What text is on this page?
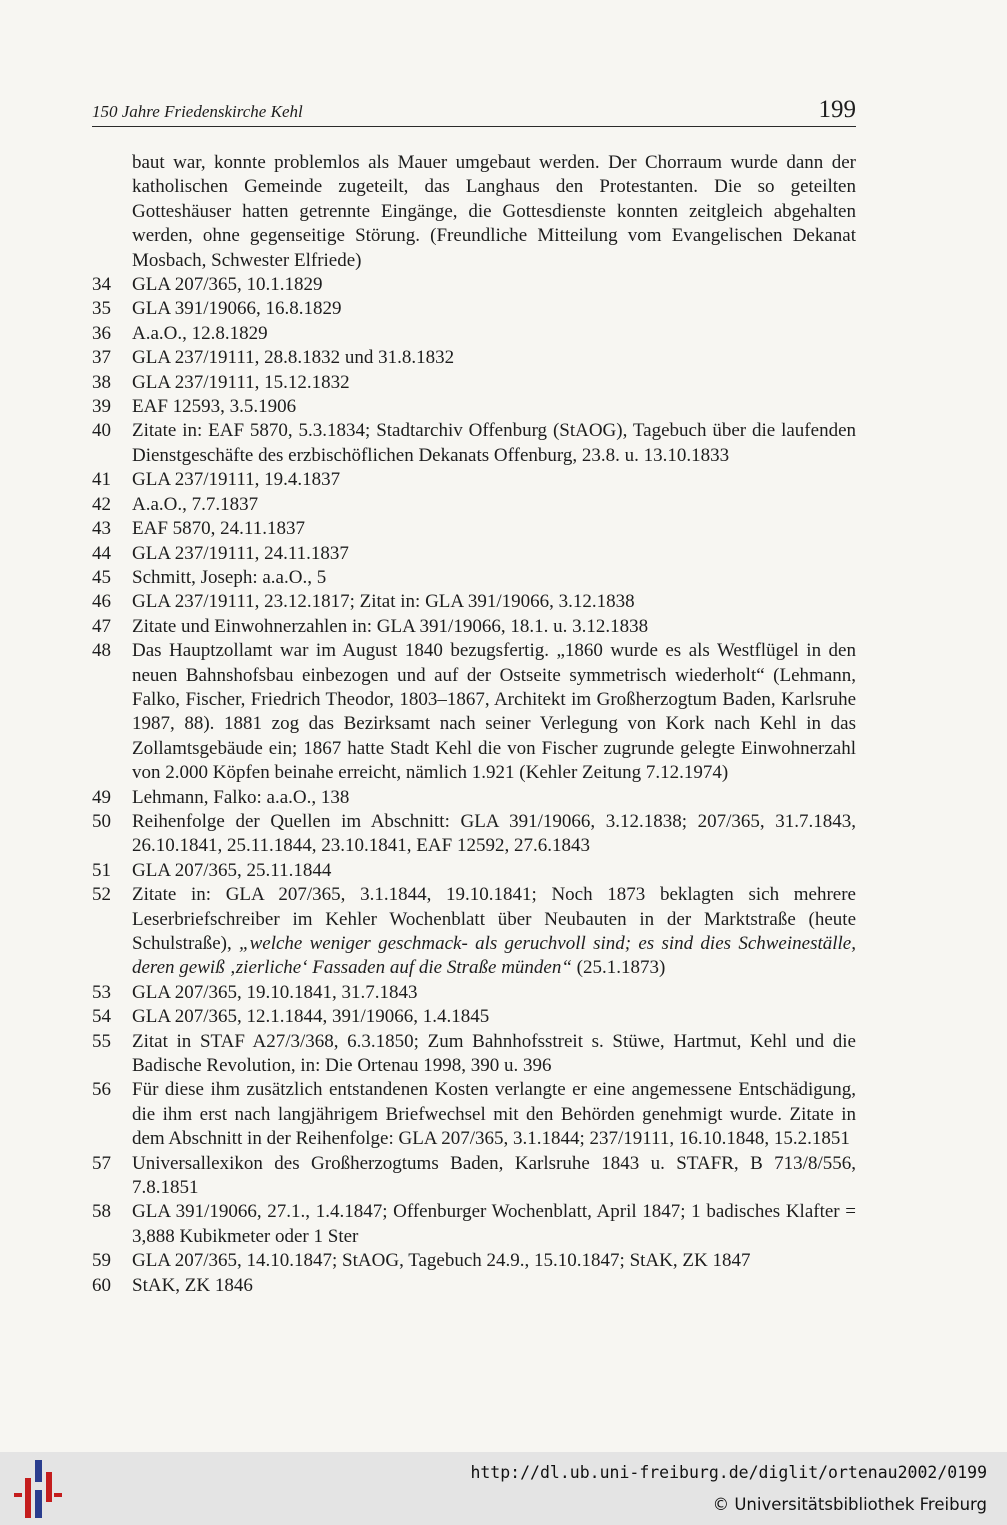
150 Jahre Friedenskirche Kehl	199
baut war, konnte problemlos als Mauer umgebaut werden. Der Chorraum wurde dann der katholischen Gemeinde zugeteilt, das Langhaus den Protestanten. Die so geteilten Gotteshäuser hatten getrennte Eingänge, die Gottesdienste konnten zeitgleich abgehalten werden, ohne gegenseitige Störung. (Freundliche Mitteilung vom Evangelischen Dekanat Mosbach, Schwester Elfriede)
34	GLA 207/365, 10.1.1829
35	GLA 391/19066, 16.8.1829
36	A.a.O., 12.8.1829
37	GLA 237/19111, 28.8.1832 und 31.8.1832
38	GLA 237/19111, 15.12.1832
39	EAF 12593, 3.5.1906
40	Zitate in: EAF 5870, 5.3.1834; Stadtarchiv Offenburg (StAOG), Tagebuch über die laufenden Dienstgeschäfte des erzbischöflichen Dekanats Offenburg, 23.8. u. 13.10.1833
41	GLA 237/19111, 19.4.1837
42	A.a.O., 7.7.1837
43	EAF 5870, 24.11.1837
44	GLA 237/19111, 24.11.1837
45	Schmitt, Joseph: a.a.O., 5
46	GLA 237/19111, 23.12.1817; Zitat in: GLA 391/19066, 3.12.1838
47	Zitate und Einwohnerzahlen in: GLA 391/19066, 18.1. u. 3.12.1838
48	Das Hauptzollamt war im August 1840 bezugsfertig. „1860 wurde es als Westflügel in den neuen Bahnshofsbau einbezogen und auf der Ostseite symmetrisch wiederholt“ (Lehmann, Falko, Fischer, Friedrich Theodor, 1803–1867, Architekt im Großherzogtum Baden, Karlsruhe 1987, 88). 1881 zog das Bezirksamt nach seiner Verlegung von Kork nach Kehl in das Zollamtsgebäude ein; 1867 hatte Stadt Kehl die von Fischer zugrunde gelegte Einwohnerzahl von 2.000 Köpfen beinahe erreicht, nämlich 1.921 (Kehler Zeitung 7.12.1974)
49	Lehmann, Falko: a.a.O., 138
50	Reihenfolge der Quellen im Abschnitt: GLA 391/19066, 3.12.1838; 207/365, 31.7.1843, 26.10.1841, 25.11.1844, 23.10.1841, EAF 12592, 27.6.1843
51	GLA 207/365, 25.11.1844
52	Zitate in: GLA 207/365, 3.1.1844, 19.10.1841; Noch 1873 beklagten sich mehrere Leserbriefschreiber im Kehler Wochenblatt über Neubauten in der Marktstraße (heute Schulstraße), „welche weniger geschmack- als geruchvoll sind; es sind dies Schweineställe, deren gewiß ‚zierliche‘ Fassaden auf die Straße münden“ (25.1.1873)
53	GLA 207/365, 19.10.1841, 31.7.1843
54	GLA 207/365, 12.1.1844, 391/19066, 1.4.1845
55	Zitat in STAF A27/3/368, 6.3.1850; Zum Bahnhofsstreit s. Stüwe, Hartmut, Kehl und die Badische Revolution, in: Die Ortenau 1998, 390 u. 396
56	Für diese ihm zusätzlich entstandenen Kosten verlangte er eine angemessene Entschädigung, die ihm erst nach langjährigem Briefwechsel mit den Behörden genehmigt wurde. Zitate in dem Abschnitt in der Reihenfolge: GLA 207/365, 3.1.1844; 237/19111, 16.10.1848, 15.2.1851
57	Universallexikon des Großherzogtums Baden, Karlsruhe 1843 u. STAFR, B 713/8/556, 7.8.1851
58	GLA 391/19066, 27.1., 1.4.1847; Offenburger Wochenblatt, April 1847; 1 badisches Klafter = 3,888 Kubikmeter oder 1 Ster
59	GLA 207/365, 14.10.1847; StAOG, Tagebuch 24.9., 15.10.1847; StAK, ZK 1847
60	StAK, ZK 1846
http://dl.ub.uni-freiburg.de/diglit/ortenau2002/0199
© Universitätsbibliothek Freiburg
